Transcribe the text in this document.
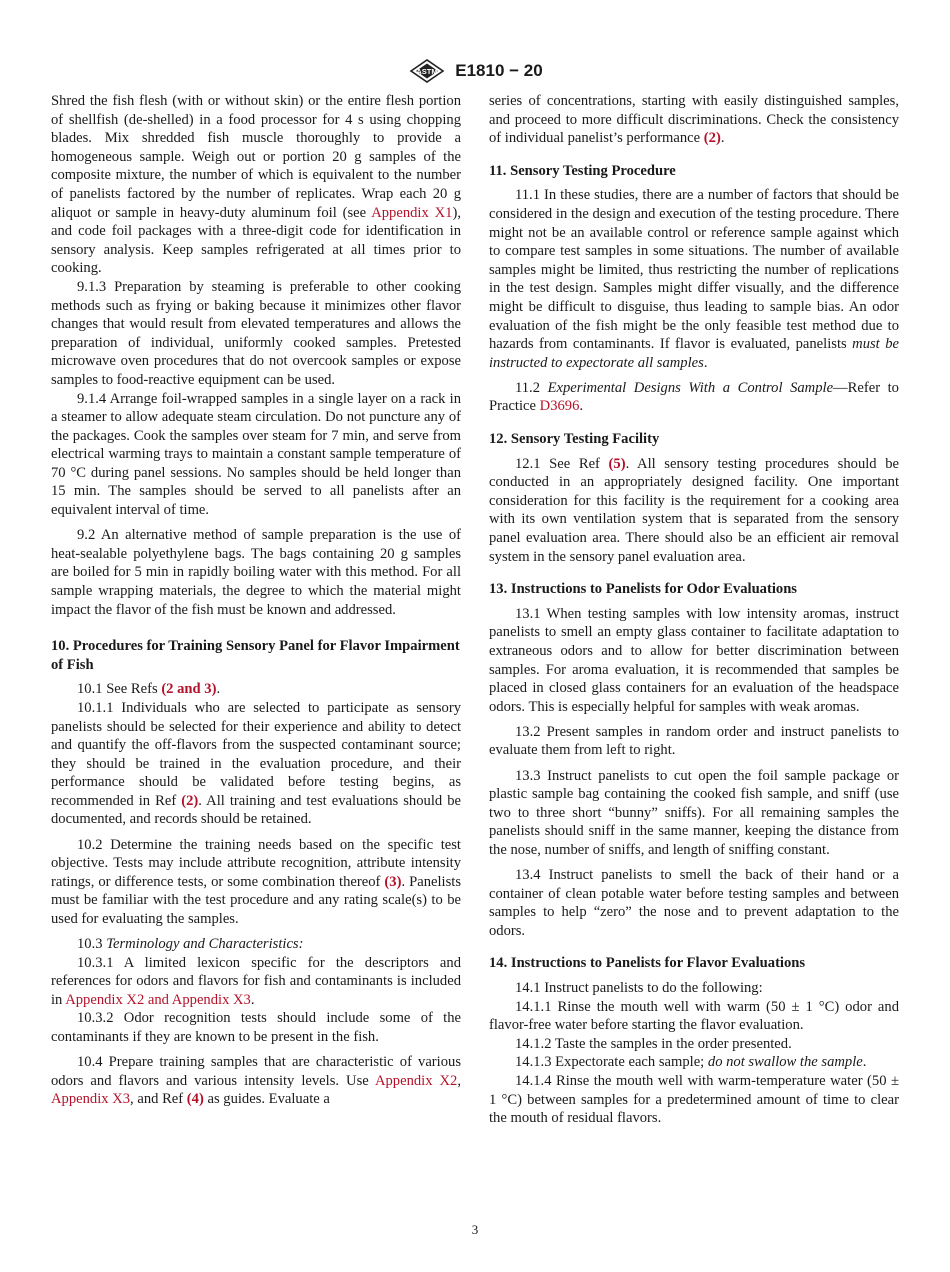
ASTM E1810 − 20

Shred the fish flesh (with or without skin) or the entire flesh portion of shellfish (de-shelled) in a food processor for 4 s using chopping blades. Mix shredded fish muscle thoroughly to provide a homogeneous sample. Weigh out or portion 20 g samples of the composite mixture, the number of which is equivalent to the number of panelists factored by the number of replicates. Wrap each 20 g aliquot or sample in heavy-duty aluminum foil (see Appendix X1), and code foil packages with a three-digit code for identification in sensory analysis. Keep samples refrigerated at all times prior to cooking.

9.1.3 Preparation by steaming is preferable to other cooking methods such as frying or baking because it minimizes other flavor changes that would result from elevated temperatures and allows the preparation of individual, uniformly cooked samples. Pretested microwave oven procedures that do not overcook samples or expose samples to food-reactive equipment can be used.

9.1.4 Arrange foil-wrapped samples in a single layer on a rack in a steamer to allow adequate steam circulation. Do not puncture any of the packages. Cook the samples over steam for 7 min, and serve from electrical warming trays to maintain a constant sample temperature of 70 °C during panel sessions. No samples should be held longer than 15 min. The samples should be served to all panelists after an equivalent interval of time.

9.2 An alternative method of sample preparation is the use of heat-sealable polyethylene bags. The bags containing 20 g samples are boiled for 5 min in rapidly boiling water with this method. For all sample wrapping materials, the degree to which the material might impact the flavor of the fish must be known and addressed.

10. Procedures for Training Sensory Panel for Flavor Impairment of Fish

10.1 See Refs (2 and 3).

10.1.1 Individuals who are selected to participate as sensory panelists should be selected for their experience and ability to detect and quantify the off-flavors from the suspected contaminant source; they should be trained in the evaluation procedure, and their performance should be validated before testing begins, as recommended in Ref (2). All training and test evaluations should be documented, and records should be retained.

10.2 Determine the training needs based on the specific test objective. Tests may include attribute recognition, attribute intensity ratings, or difference tests, or some combination thereof (3). Panelists must be familiar with the test procedure and any rating scale(s) to be used for evaluating the samples.

10.3 Terminology and Characteristics:

10.3.1 A limited lexicon specific for the descriptors and references for odors and flavors for fish and contaminants is included in Appendix X2 and Appendix X3.

10.3.2 Odor recognition tests should include some of the contaminants if they are known to be present in the fish.

10.4 Prepare training samples that are characteristic of various odors and flavors and various intensity levels. Use Appendix X2, Appendix X3, and Ref (4) as guides. Evaluate a

series of concentrations, starting with easily distinguished samples, and proceed to more difficult discriminations. Check the consistency of individual panelist’s performance (2).

11. Sensory Testing Procedure

11.1 In these studies, there are a number of factors that should be considered in the design and execution of the testing procedure. There might not be an available control or reference sample against which to compare test samples in some situations. The number of available samples might be limited, thus restricting the number of replications in the test design. Samples might differ visually, and the difference might be difficult to disguise, thus leading to sample bias. An odor evaluation of the fish might be the only feasible test method due to hazards from contaminants. If flavor is evaluated, panelists must be instructed to expectorate all samples.

11.2 Experimental Designs With a Control Sample—Refer to Practice D3696.

12. Sensory Testing Facility

12.1 See Ref (5). All sensory testing procedures should be conducted in an appropriately designed facility. One important consideration for this facility is the requirement for a cooking area with its own ventilation system that is separated from the sensory panel evaluation area. There should also be an efficient air removal system in the sensory panel evaluation area.

13. Instructions to Panelists for Odor Evaluations

13.1 When testing samples with low intensity aromas, instruct panelists to smell an empty glass container to facilitate adaptation to extraneous odors and to allow for better discrimination between samples. For aroma evaluation, it is recommended that samples be placed in closed glass containers for an evaluation of the headspace odors. This is especially helpful for samples with weak aromas.

13.2 Present samples in random order and instruct panelists to evaluate them from left to right.

13.3 Instruct panelists to cut open the foil sample package or plastic sample bag containing the cooked fish sample, and sniff (use two to three short “bunny” sniffs). For all remaining samples the panelists should sniff in the same manner, keeping the distance from the nose, number of sniffs, and length of sniffing constant.

13.4 Instruct panelists to smell the back of their hand or a container of clean potable water before testing samples and between samples to help “zero” the nose and to prevent adaptation to the odors.

14. Instructions to Panelists for Flavor Evaluations

14.1 Instruct panelists to do the following:

14.1.1 Rinse the mouth well with warm (50 ± 1 °C) odor and flavor-free water before starting the flavor evaluation.

14.1.2 Taste the samples in the order presented.

14.1.3 Expectorate each sample; do not swallow the sample.

14.1.4 Rinse the mouth well with warm-temperature water (50 ± 1 °C) between samples for a predetermined amount of time to clear the mouth of residual flavors.

3
